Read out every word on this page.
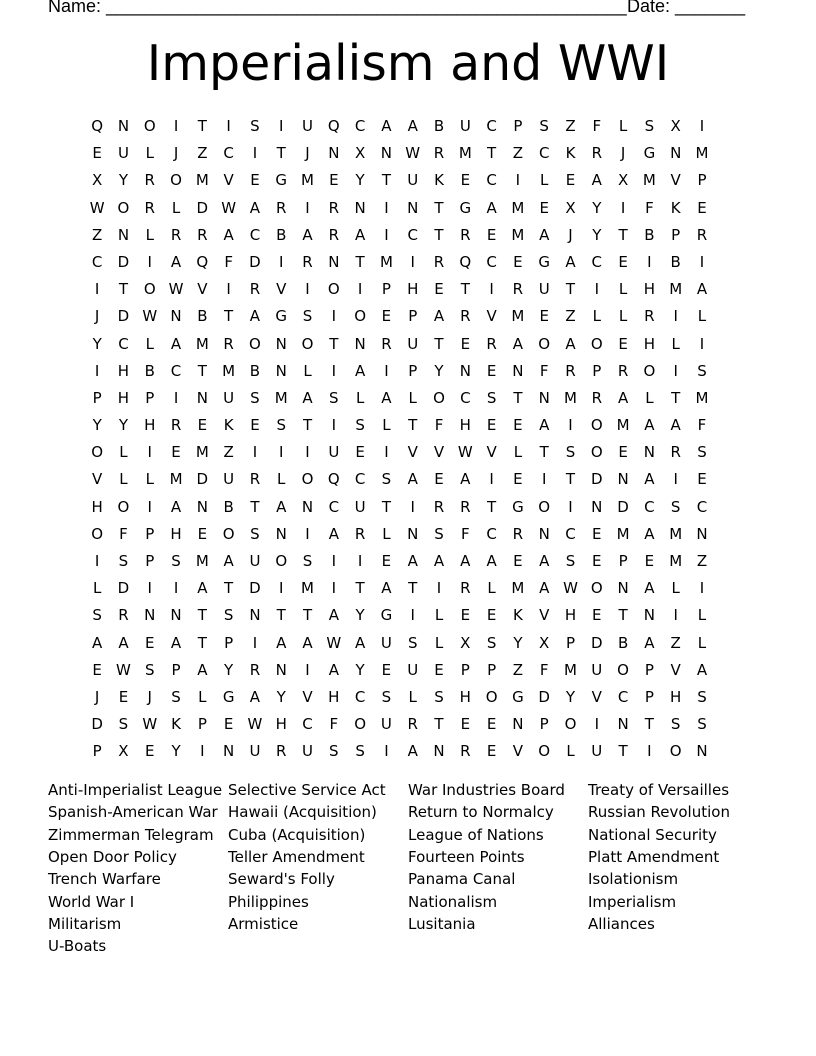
Name: ____________________________________________________ Date: _______
Imperialism and WWI
Q N O	I	T	I	S	I	U Q	C	A	A	B	U	C	P	S	Z	F	L	S	X	I
E	U	L	J	Z	C	I	T	J	N	X	N W R M	T	Z	C	K	R	J	G N M
X	Y	R	O M V	E	G M	E	Y	T	U	K	E	C	I	L	E	A	X M V	P
W O	R	L	D W A	R	I	R	N	I	N	T	G	A M	E	X	Y	I	F	K	E
Z	N	L	R	R	A	C	B	A	R	A	I	C	T	R	E	M A	J	Y	T	B	P	R
C	D	I	A	Q	F	D	I	R	N	T	M	I	R	Q	C	E	G	A	C	E	I	B	I
I	T	O W V	I	R	V	I	O	I	P	H	E	T	I	R	U	T	I	L	H M A
J	D W N	B	T	A	G	S	I	O	E	P	A	R	V M	E	Z	L	L	R	I	L
Y	C	L	A M R	O N O	T	N	R	U	T	E	R	A	O	A	O	E	H	L	I
I	H	B	C	T	M B	N	L	I	A	I	P	Y	N	E	N	F	R	P	R	O	I	S
P	H	P	I	N	U	S	M A	S	L	A	L	O	C	S	T	N M R	A	L	T	M
Y	Y	H	R	E	K	E	S	T	I	S	L	T	F	H	E	E	A	I	O M A	A	F
O	L	I	E	M Z	I	I	I	U	E	I	V	V W V	L	T	S	O	E	N	R	S
V	L	L	M D	U	R	L	O Q	C	S	A	E	A	I	E	I	T	D N	A	I	E
H O	I	A	N	B	T	A	N	C	U	T	I	R	R	T	G O	I	N D	C	S	C
O	F	P	H	E	O	S	N	I	A	R	L	N	S	F	C	R	N	C	E	M A M N
I	S	P	S	M A	U O	S	I	I	E	A	A	A	A	E	A	S	E	P	E	M Z
L	D	I	I	A	T	D	I	M	I	T	A	T	I	R	L	M A W O N	A	L	I
S	R	N	N	T	S	N	T	T	A	Y	G	I	L	E	E	K	V	H	E	T	N	I	L
A	A	E	A	T	P	I	A	A W A	U	S	L	X	S	Y	X	P	D	B	A	Z	L
E W S	P	A	Y	R	N	I	A	Y	E	U	E	P	P	Z	F	M U O	P	V	A
J	E	J	S	L	G	A	Y	V	H	C	S	L	S	H O G D	Y	V	C	P	H	S
D	S W K	P	E W H	C	F	O U	R	T	E	E	N	P	O	I	N	T	S	S
P	X	E	Y	I	N	U	R	U	S	S	I	A	N	R	E	V	O	L	U	T	I	O N
Anti-Imperialist League
Spanish-American War
Zimmerman Telegram
Open Door Policy
Trench Warfare
World War I
Militarism
U-Boats
Selective Service Act
Hawaii (Acquisition)
Cuba (Acquisition)
Teller Amendment
Seward's Folly
Philippines
Armistice
War Industries Board
Return to Normalcy
League of Nations
Fourteen Points
Panama Canal
Nationalism
Lusitania
Treaty of Versailles
Russian Revolution
National Security
Platt Amendment
Isolationism
Imperialism
Alliances
